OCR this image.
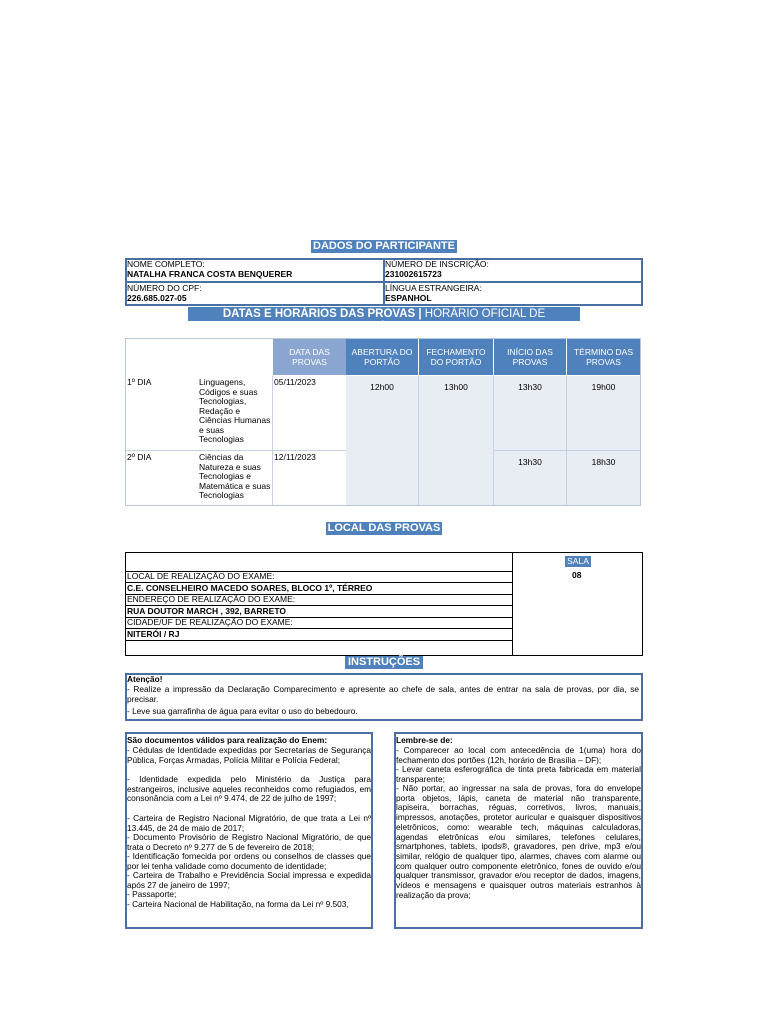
DADOS DO PARTICIPANTE
NOME COMPLETO:
NATALHA FRANCA COSTA BENQUERER
NÚMERO DE INSCRIÇÃO:
231002615723
NÚMERO DO CPF:
226.685.027-05
LÍNGUA ESTRANGEIRA:
ESPANHOL
DATAS E HORÁRIOS DAS PROVAS | HORÁRIO OFICIAL DE BRASÍLIA/DF
DATA DAS PROVAS
ABERTURA DO PORTÃO
FECHAMENTO DO PORTÃO
INÍCIO DAS PROVAS
TÉRMINO DAS PROVAS
1º DIA	Linguagens, Códigos e suas Tecnologias, Redação e Ciências Humanas e suas Tecnologias
05/11/2023	12h00	13h00	13h30	19h00
2º DIA	Ciências da Natureza e suas Tecnologias e Matemática e suas Tecnologias
12/11/2023	13h30	18h30
LOCAL DAS PROVAS
SALA
08
LOCAL DE REALIZAÇÃO DO EXAME:
C.E. CONSELHEIRO MACEDO SOARES, BLOCO 1º, TÉRREO
ENDEREÇO DE REALIZAÇÃO DO EXAME:
RUA DOUTOR MARCH , 392, BARRETO
CIDADE/UF DE REALIZAÇÃO DO EXAME:
NITERÓI / RJ
INSTRUÇÕES
Atenção!
- Realize a impressão da Declaração Comparecimento e apresente ao chefe de sala, antes de entrar na sala de provas, por dia, se precisar.
- Leve sua garrafinha de água para evitar o uso do bebedouro.
São documentos válidos para realização do Enem:
- Cédulas de Identidade expedidas por Secretarias de Segurança Pública, Forças Armadas, Polícia Militar e Polícia Federal;
- Identidade expedida pelo Ministério da Justiça para estrangeiros, inclusive aqueles reconheidos como refugiados, em consonância com a Lei nº 9.474, de 22 de julho de 1997;
- Carteira de Registro Nacional Migratório, de que trata a Lei nº 13.445, de 24 de maio de 2017;
- Documento Provisório de Registro Nacional Migratório, de que trata o Decreto nº 9.277 de 5 de fevereiro de 2018;
- Identificação fornecida por ordens ou conselhos de classes que por lei tenha validade como documento de identidade;
- Carteira de Trabalho e Previdência Social impressa e expedida após 27 de janeiro de 1997;
- Passaporte;
- Carteira Nacional de Habilitação, na forma da Lei nº 9.503,
Lembre-se de:
- Comparecer ao local com antecedência de 1(uma) hora do fechamento dos portões (12h, horário de Brasília – DF);
- Levar caneta esferográfica de tinta preta fabricada em material transparente;
- Não portar, ao ingressar na sala de provas, fora do envelope porta objetos, lápis, caneta de material não transparente, lapiseira, borrachas, réguas, corretivos, livros, manuais, impressos, anotações, protetor auricular e quaisquer dispositivos eletrônicos, como: wearable tech, máquinas calculadoras, agendas eletrônicas e/ou similares, telefones celulares, smartphones, tablets, ipods®, gravadores, pen drive, mp3 e/ou similar, relógio de qualquer tipo, alarmes, chaves com alarme ou com qualquer outro componente eletrônico, fones de ouvido e/ou qualquer transmissor, gravador e/ou receptor de dados, imagens, vídeos e mensagens e quaisquer outros materiais estranhos à realização da prova;
